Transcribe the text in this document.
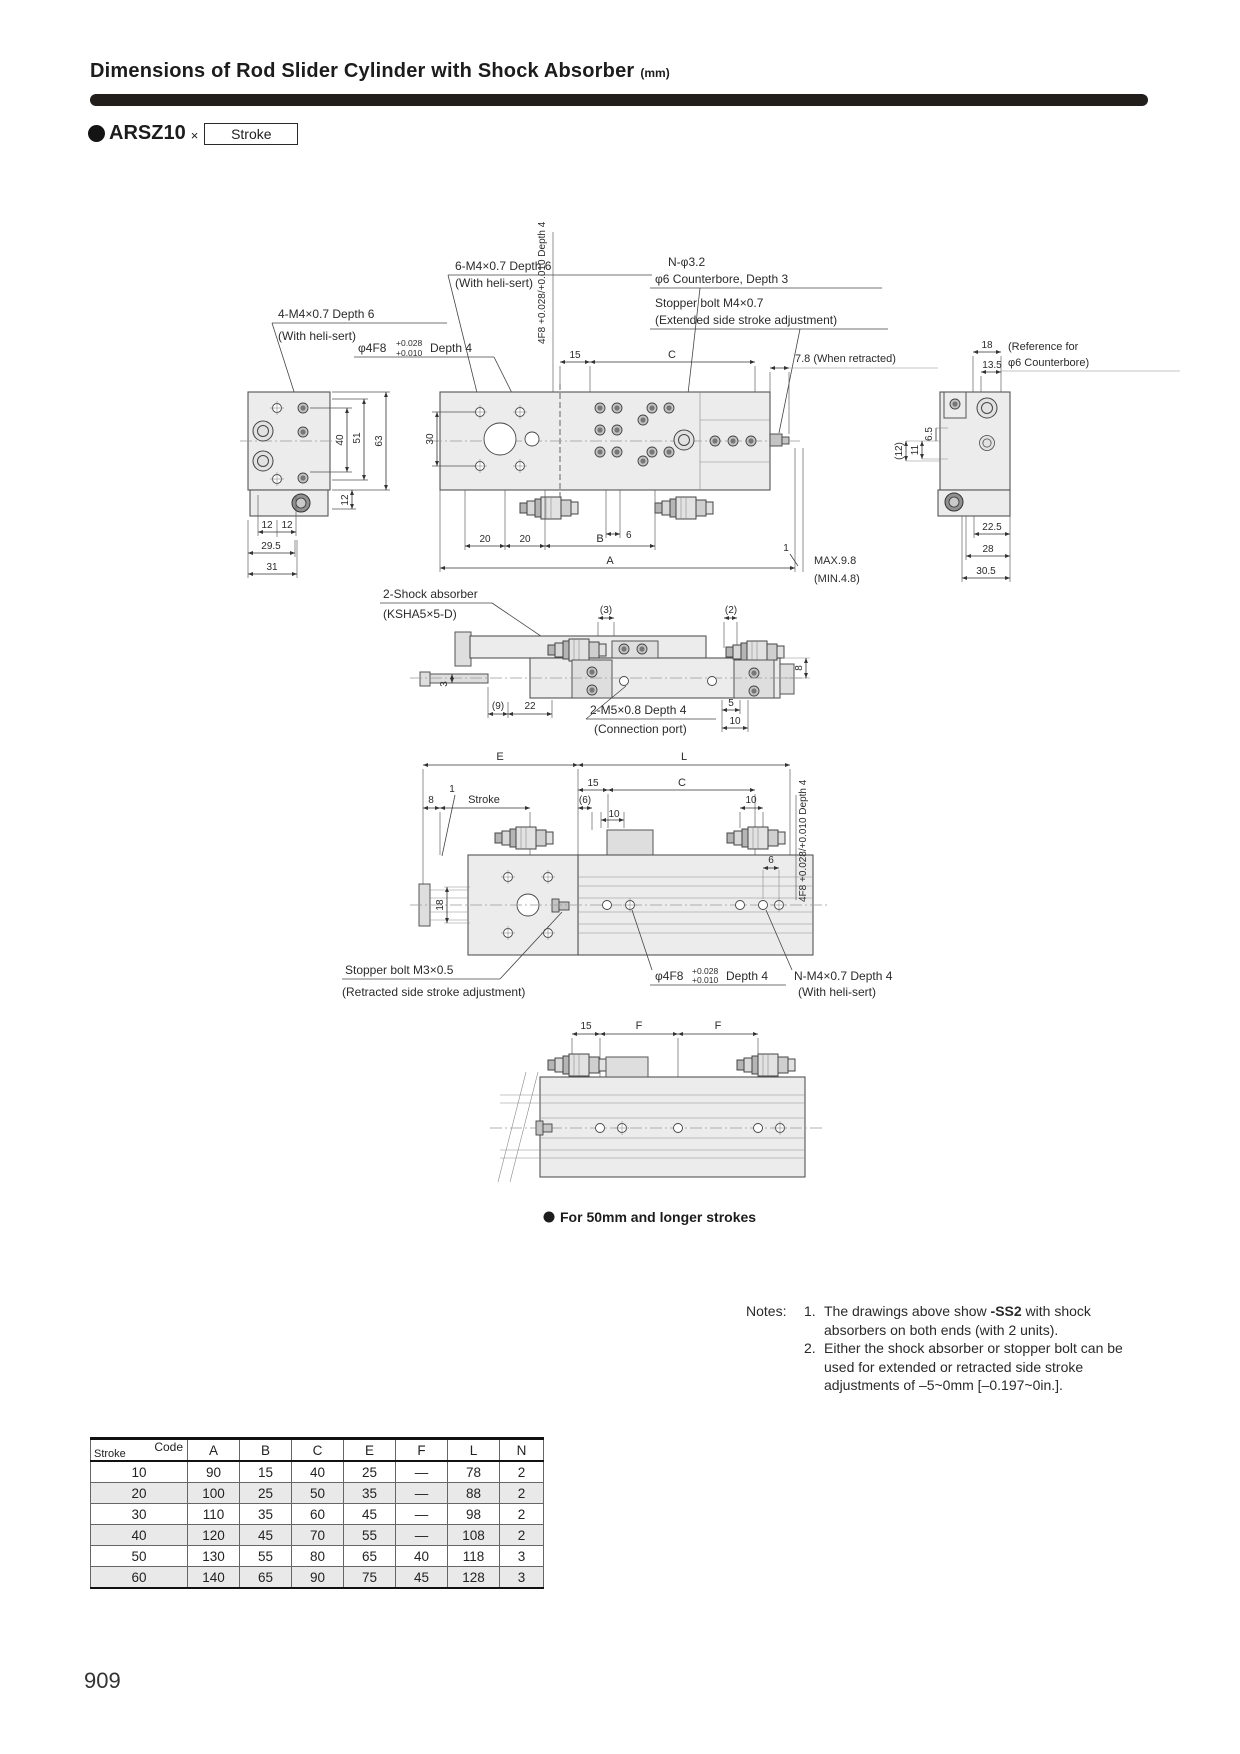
Dimensions of Rod Slider Cylinder with Shock Absorber (mm)
ARSZ10 ×	Stroke
6-M4×0.7 Depth 6
(With heli-sert)
4-M4×0.7 Depth 6
(With heli-sert)
φ4F8 +0.028
+0.010 Depth 4
4F8 +0.028/+0.010 Depth 4	N-φ3.2
φ6 Counterbore, Depth 3
Stopper bolt M4×0.7
(Extended side stroke adjustment)
40 51 63
12
12 12
29.5
31
30
15	C	7.8 (When retracted)
6
20	20	B
A
1
MAX.9.8
(MIN.4.8)
18
13.5
(Reference for
φ6 Counterbore)
6.5
11
(12)
22.5
28
30.5
2-Shock absorber
(KSHA5×5-D)	(3)	(2)
3
(9) 22	2-M5×0.8 Depth 4
(Connection port)
5
10
8
E	L
15	C
8
1
Stroke	(6)
10
10
6 4F8 +0.028/+0.010 Depth 4
18
Stopper bolt M3×0.5
(Retracted side stroke adjustment)
φ4F8 +0.028
+0.010 Depth 4 N-M4×0.7 Depth 4
(With heli-sert)
15	F	F
For 50mm and longer strokes
Notes:	1. The drawings above show -SS2 with shock
absorbers on both ends (with 2 units).
2. Either the shock absorber or stopper bolt can be
used for extended or retracted side stroke
adjustments of –5~0mm [–0.197~0in.].
Code
Stroke	A	B	C	E	F	L	N
10	90	15	40	25	—	78	2
20	100	25	50	35	—	88	2
30	110	35	60	45	—	98	2
40	120	45	70	55	—	108	2
50	130	55	80	65	40	118	3
60	140	65	90	75	45	128	3
909
